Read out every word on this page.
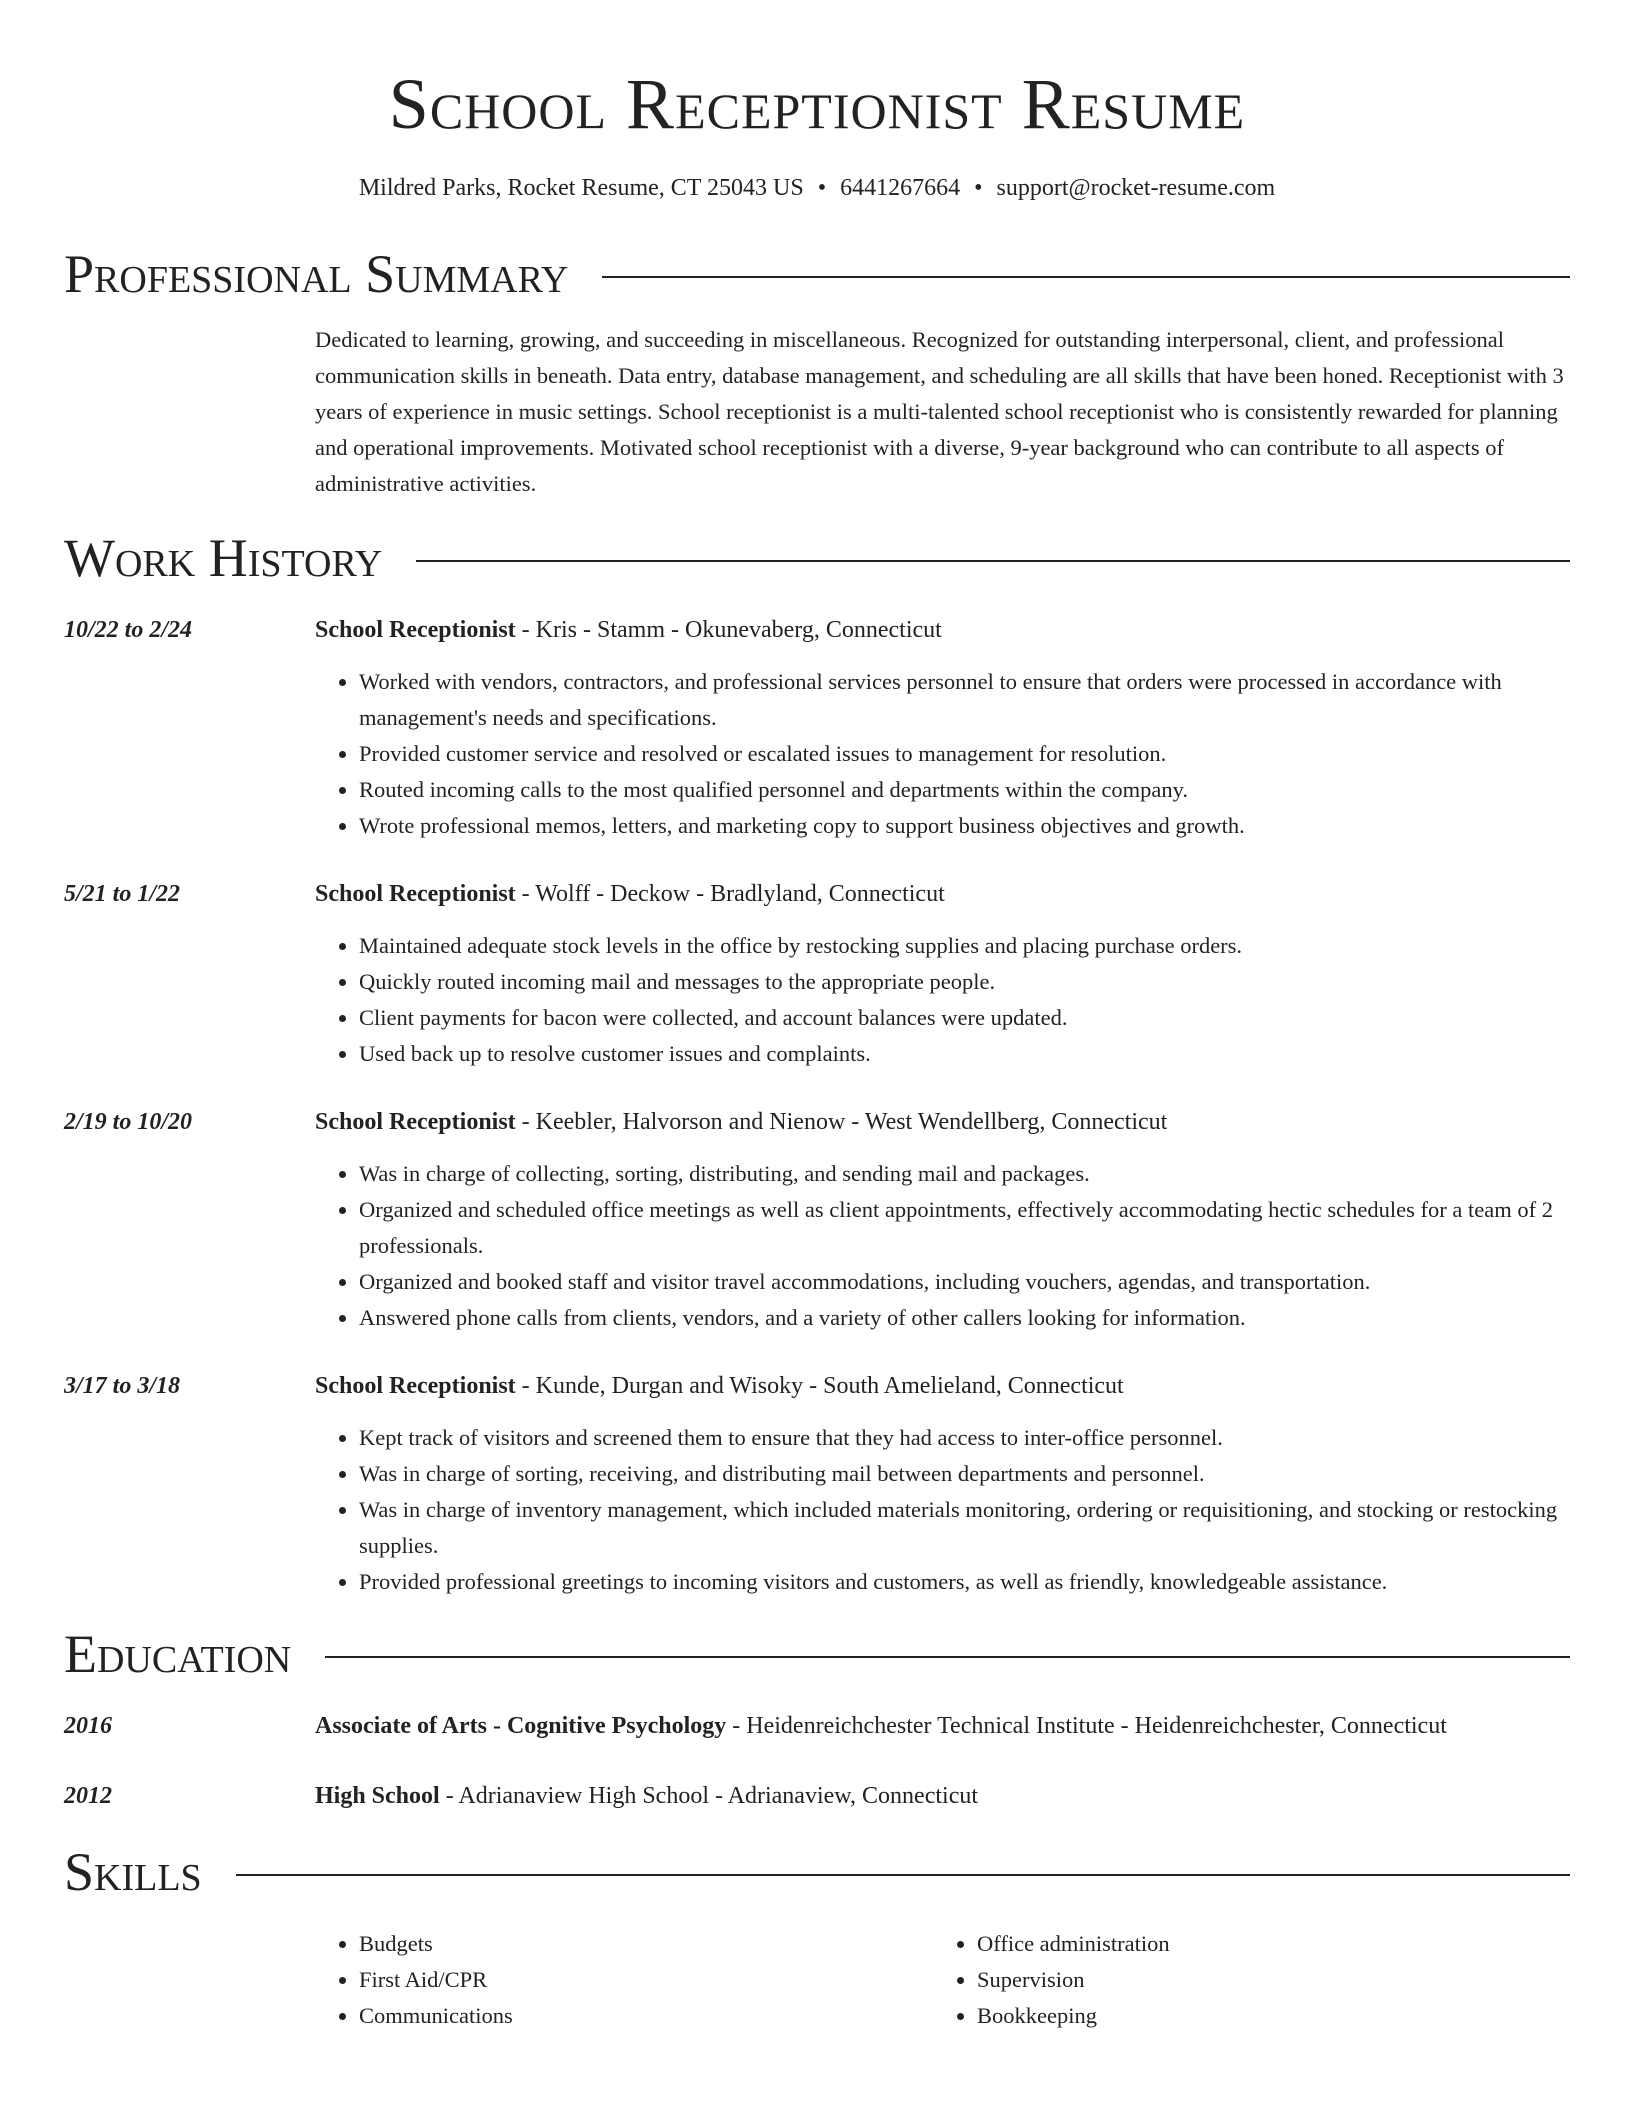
School Receptionist Resume
Mildred Parks, Rocket Resume, CT 25043 US • 6441267664 • support@rocket-resume.com
Professional Summary
Dedicated to learning, growing, and succeeding in miscellaneous. Recognized for outstanding interpersonal, client, and professional communication skills in beneath. Data entry, database management, and scheduling are all skills that have been honed. Receptionist with 3 years of experience in music settings. School receptionist is a multi-talented school receptionist who is consistently rewarded for planning and operational improvements. Motivated school receptionist with a diverse, 9-year background who can contribute to all aspects of administrative activities.
Work History
10/22 to 2/24	School Receptionist - Kris - Stamm - Okunevaberg, Connecticut
• Worked with vendors, contractors, and professional services personnel to ensure that orders were processed in accordance with management's needs and specifications.
• Provided customer service and resolved or escalated issues to management for resolution.
• Routed incoming calls to the most qualified personnel and departments within the company.
• Wrote professional memos, letters, and marketing copy to support business objectives and growth.
5/21 to 1/22	School Receptionist - Wolff - Deckow - Bradlyland, Connecticut
• Maintained adequate stock levels in the office by restocking supplies and placing purchase orders.
• Quickly routed incoming mail and messages to the appropriate people.
• Client payments for bacon were collected, and account balances were updated.
• Used back up to resolve customer issues and complaints.
2/19 to 10/20	School Receptionist - Keebler, Halvorson and Nienow - West Wendellberg, Connecticut
• Was in charge of collecting, sorting, distributing, and sending mail and packages.
• Organized and scheduled office meetings as well as client appointments, effectively accommodating hectic schedules for a team of 2 professionals.
• Organized and booked staff and visitor travel accommodations, including vouchers, agendas, and transportation.
• Answered phone calls from clients, vendors, and a variety of other callers looking for information.
3/17 to 3/18	School Receptionist - Kunde, Durgan and Wisoky - South Amelieland, Connecticut
• Kept track of visitors and screened them to ensure that they had access to inter-office personnel.
• Was in charge of sorting, receiving, and distributing mail between departments and personnel.
• Was in charge of inventory management, which included materials monitoring, ordering or requisitioning, and stocking or restocking supplies.
• Provided professional greetings to incoming visitors and customers, as well as friendly, knowledgeable assistance.
Education
2016	Associate of Arts - Cognitive Psychology - Heidenreichchester Technical Institute - Heidenreichchester, Connecticut
2012	High School - Adrianaview High School - Adrianaview, Connecticut
Skills
• Budgets
• First Aid/CPR
• Communications
• Office administration
• Supervision
• Bookkeeping
